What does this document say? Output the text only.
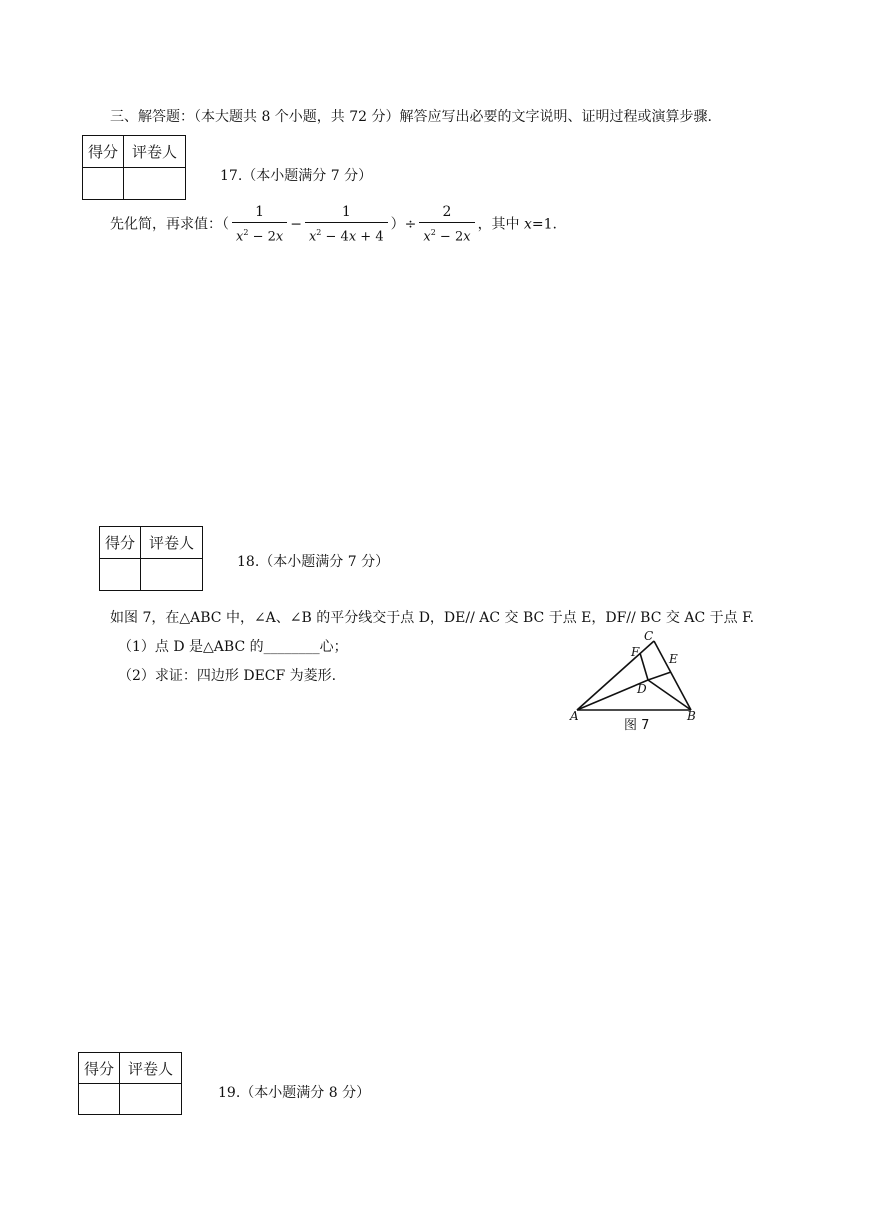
三、解答题：（本大题共 8 个小题，共 72 分）解答应写出必要的文字说明、证明过程或演算步骤.
得分	评卷人

17.（本小题满分 7 分）
先化简，再求值：（ $\frac{1}{x^2 - 2x} - \frac{1}{x^2 - 4x + 4}$ ）÷ $\frac{2}{x^2 - 2x}$ ，其中 x=1.
得分	评卷人

18.（本小题满分 7 分）
如图 7，在△ABC 中，∠A、∠B 的平分线交于点 D，DE// AC 交 BC 于点 E，DF// BC 交 AC 于点 F.
（1）点 D 是△ABC 的________心；
（2）求证：四边形 DECF 为菱形.
A	B
C
D
E
F
图 7
得分	评卷人

19.（本小题满分 8 分）
